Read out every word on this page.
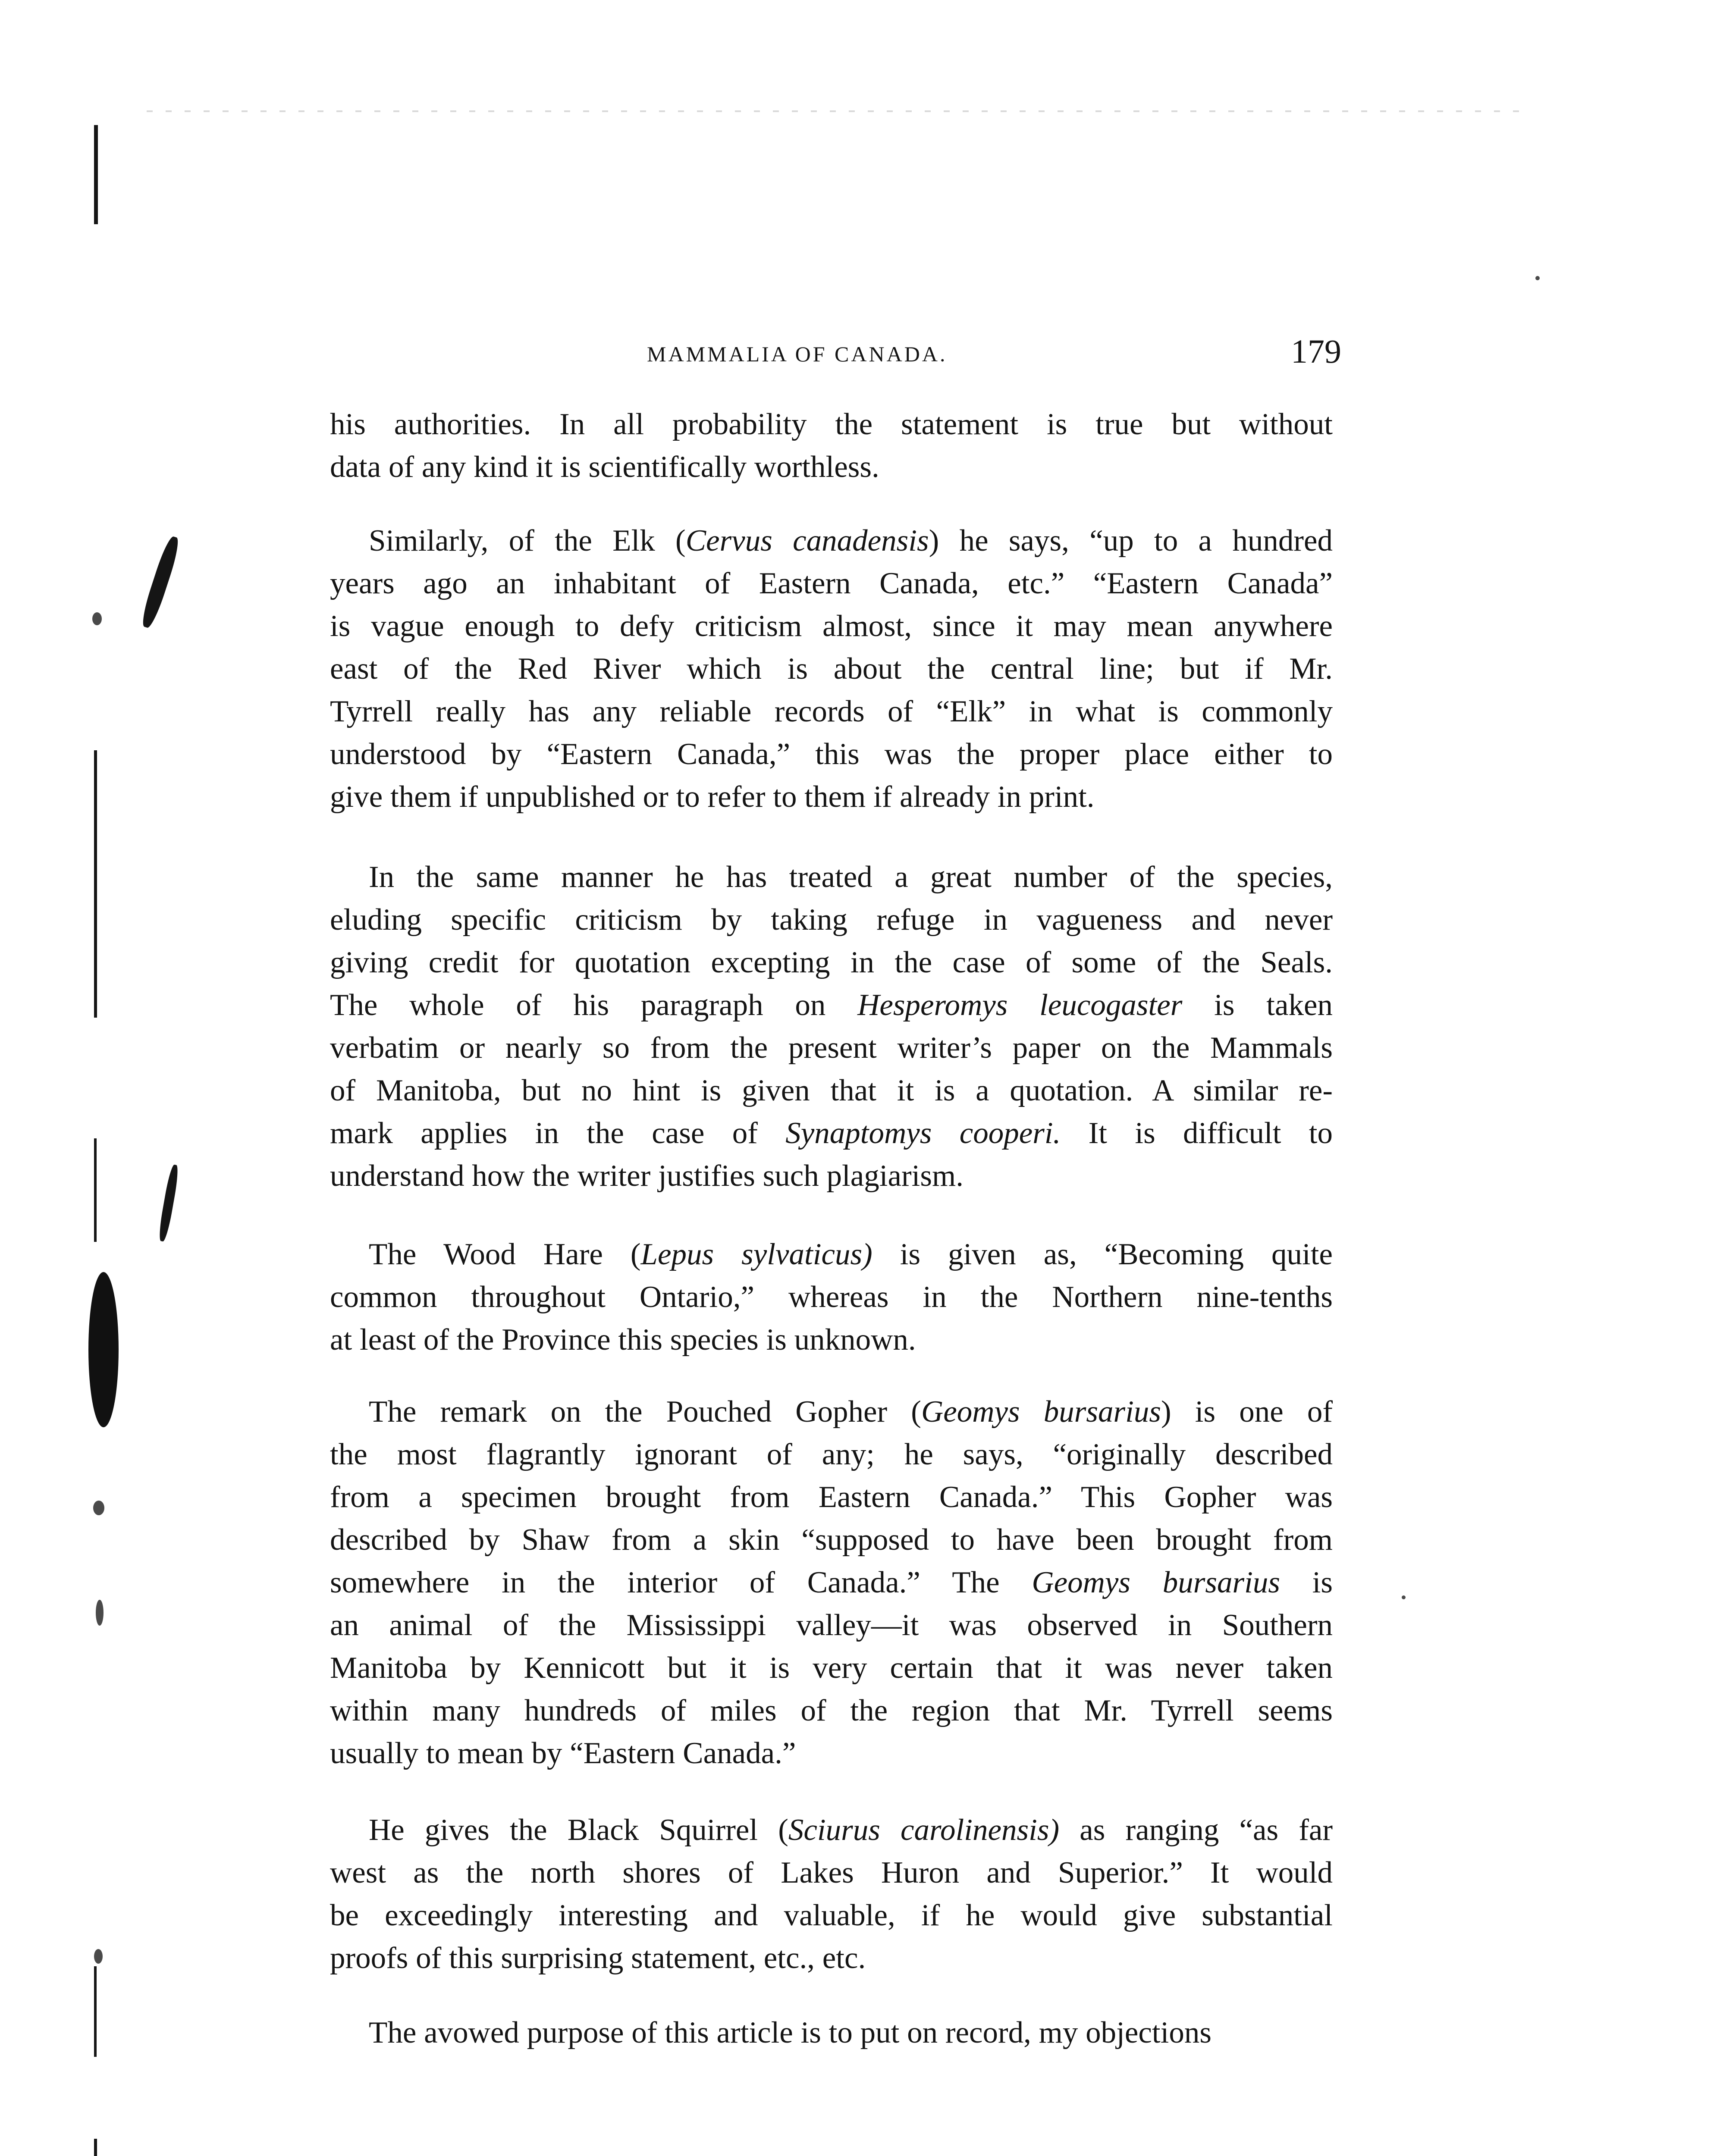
MAMMALIA OF CANADA.	179
his authorities. In all probability the statement is true but without
data of any kind it is scientifically worthless.
Similarly, of the Elk (Cervus canadensis) he says, “up to a hundred
years ago an inhabitant of Eastern Canada, etc.” “Eastern Canada”
is vague enough to defy criticism almost, since it may mean anywhere
east of the Red River which is about the central line; but if Mr.
Tyrrell really has any reliable records of “Elk” in what is commonly
understood by “Eastern Canada,” this was the proper place either to
give them if unpublished or to refer to them if already in print.
In the same manner he has treated a great number of the species,
eluding specific criticism by taking refuge in vagueness and never
giving credit for quotation excepting in the case of some of the Seals.
The whole of his paragraph on Hesperomys leucogaster is taken
verbatim or nearly so from the present writer’s paper on the Mammals
of Manitoba, but no hint is given that it is a quotation. A similar re-
mark applies in the case of Synaptomys cooperi. It is difficult to
understand how the writer justifies such plagiarism.
The Wood Hare (Lepus sylvaticus) is given as, “Becoming quite
common throughout Ontario,” whereas in the Northern nine-tenths
at least of the Province this species is unknown.
The remark on the Pouched Gopher (Geomys bursarius) is one of
the most flagrantly ignorant of any; he says, “originally described
from a specimen brought from Eastern Canada.” This Gopher was
described by Shaw from a skin “supposed to have been brought from
somewhere in the interior of Canada.” The Geomys bursarius is
an animal of the Mississippi valley—it was observed in Southern
Manitoba by Kennicott but it is very certain that it was never taken
within many hundreds of miles of the region that Mr. Tyrrell seems
usually to mean by “Eastern Canada.”
He gives the Black Squirrel (Sciurus carolinensis) as ranging “as far
west as the north shores of Lakes Huron and Superior.” It would
be exceedingly interesting and valuable, if he would give substantial
proofs of this surprising statement, etc., etc.
The avowed purpose of this article is to put on record, my objections
